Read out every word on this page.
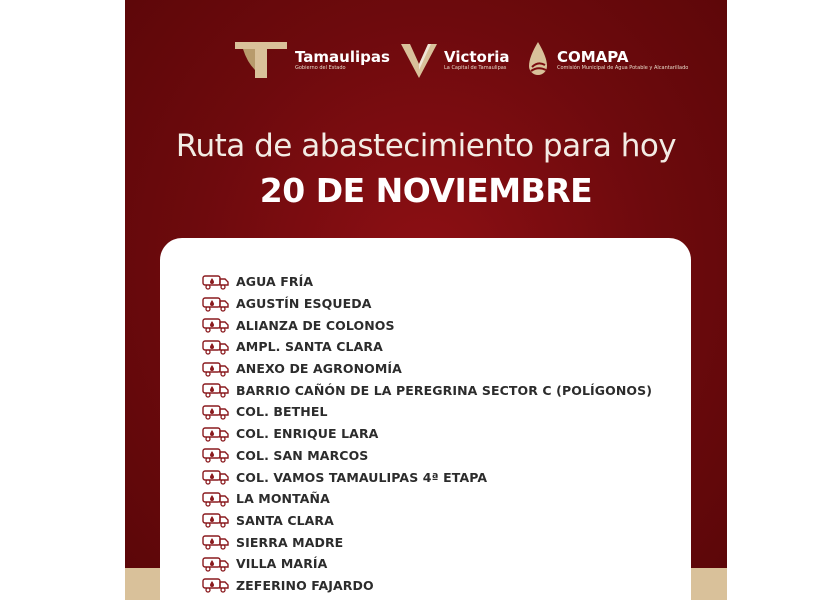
Tamaulipas
Gobierno del Estado
Victoria
La Capital de Tamaulipas
COMAPA
Comisión Municipal de Agua Potable y Alcantarillado
Ruta de abastecimiento para hoy
20 DE NOVIEMBRE
AGUA FRÍA
AGUSTÍN ESQUEDA
ALIANZA DE COLONOS
AMPL. SANTA CLARA
ANEXO DE AGRONOMÍA
BARRIO CAÑÓN DE LA PEREGRINA SECTOR C (POLÍGONOS)
COL. BETHEL
COL. ENRIQUE LARA
COL. SAN MARCOS
COL. VAMOS TAMAULIPAS 4ª ETAPA
LA MONTAÑA
SANTA CLARA
SIERRA MADRE
VILLA MARÍA
ZEFERINO FAJARDO
